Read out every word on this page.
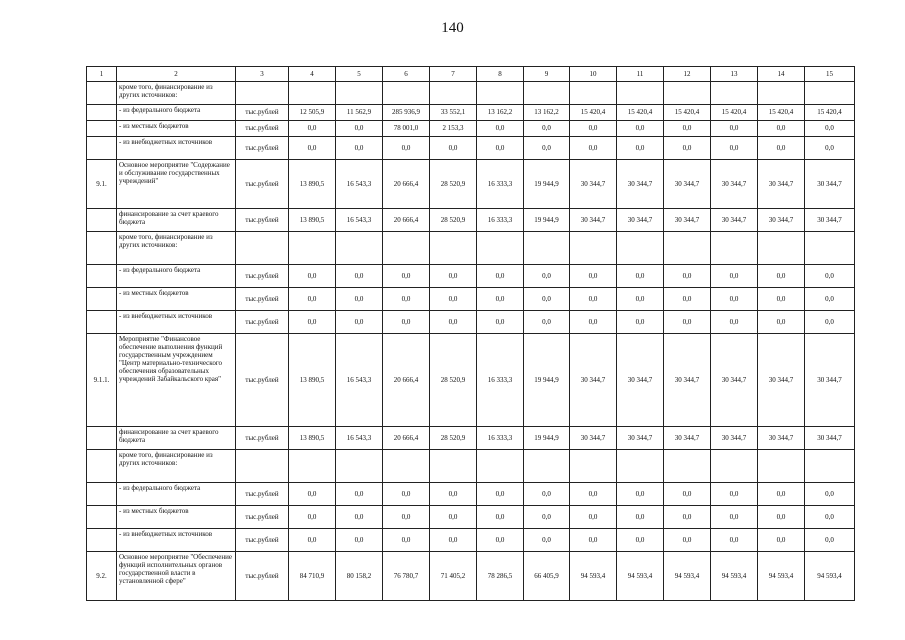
140
1	2	3	4	5	6	7	8	9	10	11	12	13	14	15
	кроме того, финансирование из других источников:													
	- из федерального бюджета	тыс.рублей	12 505,9	11 562,9	285 936,9	33 552,1	13 162,2	13 162,2	15 420,4	15 420,4	15 420,4	15 420,4	15 420,4	15 420,4
	- из местных бюджетов	тыс.рублей	0,0	0,0	78 001,0	2 153,3	0,0	0,0	0,0	0,0	0,0	0,0	0,0	0,0
	- из внебюджетных источников	тыс.рублей	0,0	0,0	0,0	0,0	0,0	0,0	0,0	0,0	0,0	0,0	0,0	0,0
9.1.	Основное мероприятие "Содержание и обслуживание государственных учреждений"	тыс.рублей	13 890,5	16 543,3	20 666,4	28 520,9	16 333,3	19 944,9	30 344,7	30 344,7	30 344,7	30 344,7	30 344,7	30 344,7
	финансирование за счет краевого бюджета	тыс.рублей	13 890,5	16 543,3	20 666,4	28 520,9	16 333,3	19 944,9	30 344,7	30 344,7	30 344,7	30 344,7	30 344,7	30 344,7
	кроме того, финансирование из других источников:													
	- из федерального бюджета	тыс.рублей	0,0	0,0	0,0	0,0	0,0	0,0	0,0	0,0	0,0	0,0	0,0	0,0
	- из местных бюджетов	тыс.рублей	0,0	0,0	0,0	0,0	0,0	0,0	0,0	0,0	0,0	0,0	0,0	0,0
	- из внебюджетных источников	тыс.рублей	0,0	0,0	0,0	0,0	0,0	0,0	0,0	0,0	0,0	0,0	0,0	0,0
9.1.1.	Мероприятие "Финансовое обеспечение выполнения функций государственным учреждением "Центр материально-технического обеспечения образовательных учреждений Забайкальского края"	тыс.рублей	13 890,5	16 543,3	20 666,4	28 520,9	16 333,3	19 944,9	30 344,7	30 344,7	30 344,7	30 344,7	30 344,7	30 344,7
	финансирование за счет краевого бюджета	тыс.рублей	13 890,5	16 543,3	20 666,4	28 520,9	16 333,3	19 944,9	30 344,7	30 344,7	30 344,7	30 344,7	30 344,7	30 344,7
	кроме того, финансирование из других источников:													
	- из федерального бюджета	тыс.рублей	0,0	0,0	0,0	0,0	0,0	0,0	0,0	0,0	0,0	0,0	0,0	0,0
	- из местных бюджетов	тыс.рублей	0,0	0,0	0,0	0,0	0,0	0,0	0,0	0,0	0,0	0,0	0,0	0,0
	- из внебюджетных источников	тыс.рублей	0,0	0,0	0,0	0,0	0,0	0,0	0,0	0,0	0,0	0,0	0,0	0,0
9.2.	Основное мероприятие "Обеспечение функций исполнительных органов государственной власти в установленной сфере"	тыс.рублей	84 710,9	80 158,2	76 780,7	71 405,2	78 286,5	66 405,9	94 593,4	94 593,4	94 593,4	94 593,4	94 593,4	94 593,4
